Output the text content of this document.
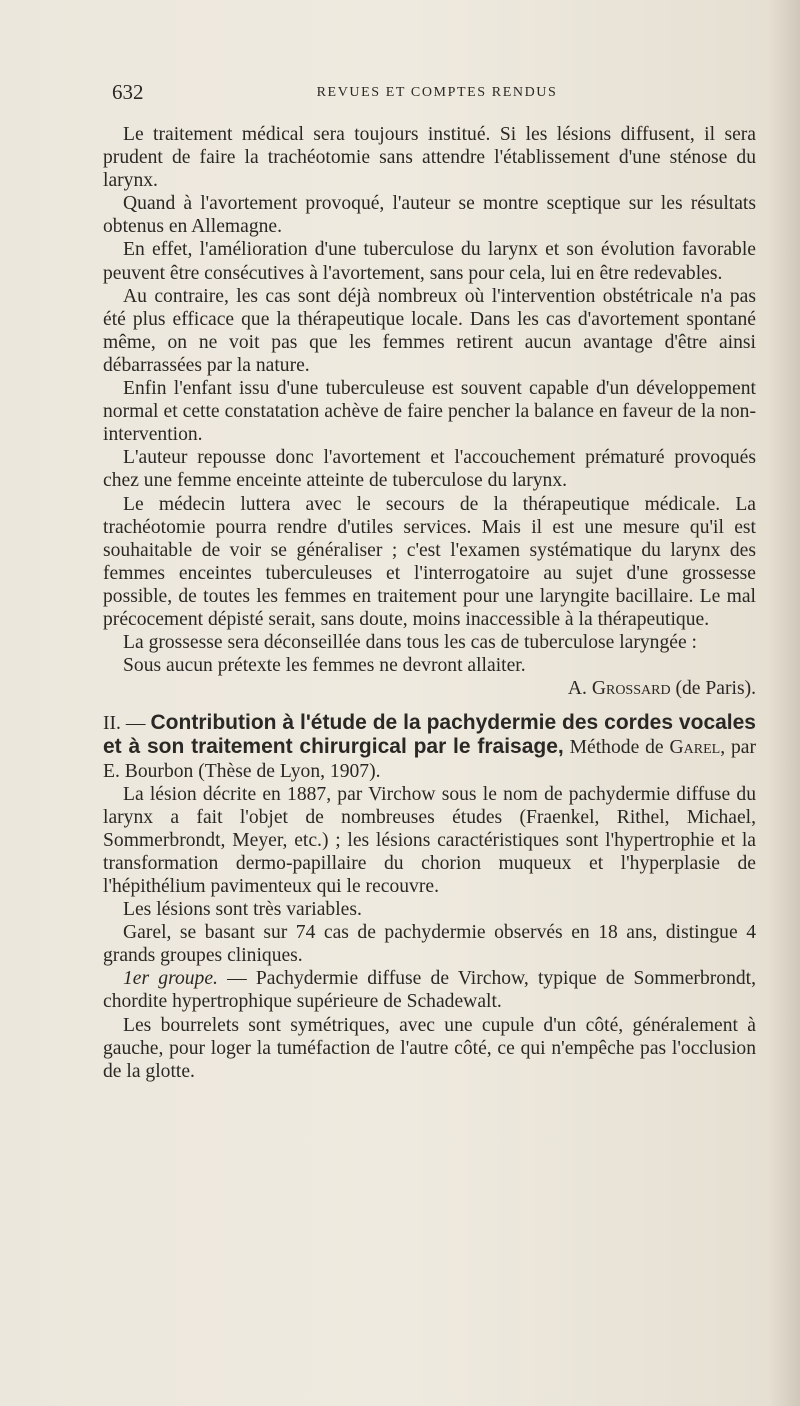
632	REVUES ET COMPTES RENDUS

Le traitement médical sera toujours institué. Si les lésions diffusent, il sera prudent de faire la trachéotomie sans attendre l'établissement d'une sténose du larynx.

Quand à l'avortement provoqué, l'auteur se montre sceptique sur les résultats obtenus en Allemagne.

En effet, l'amélioration d'une tuberculose du larynx et son évolution favorable peuvent être consécutives à l'avortement, sans pour cela, lui en être redevables.

Au contraire, les cas sont déjà nombreux où l'intervention obstétricale n'a pas été plus efficace que la thérapeutique locale. Dans les cas d'avortement spontané même, on ne voit pas que les femmes retirent aucun avantage d'être ainsi débarrassées par la nature.

Enfin l'enfant issu d'une tuberculeuse est souvent capable d'un développement normal et cette constatation achève de faire pencher la balance en faveur de la non-intervention.

L'auteur repousse donc l'avortement et l'accouchement prématuré provoqués chez une femme enceinte atteinte de tuberculose du larynx.

Le médecin luttera avec le secours de la thérapeutique médicale. La trachéotomie pourra rendre d'utiles services. Mais il est une mesure qu'il est souhaitable de voir se généraliser ; c'est l'examen systématique du larynx des femmes enceintes tuberculeuses et l'interrogatoire au sujet d'une grossesse possible, de toutes les femmes en traitement pour une laryngite bacillaire. Le mal précocement dépisté serait, sans doute, moins inaccessible à la thérapeutique.

La grossesse sera déconseillée dans tous les cas de tuberculose laryngée :

Sous aucun prétexte les femmes ne devront allaiter.

A. Grossard (de Paris).

II. — Contribution à l'étude de la pachydermie des cordes vocales et à son traitement chirurgical par le fraisage, Méthode de Garel, par E. Bourbon (Thèse de Lyon, 1907).

La lésion décrite en 1887, par Virchow sous le nom de pachydermie diffuse du larynx a fait l'objet de nombreuses études (Fraenkel, Rithel, Michael, Sommerbrondt, Meyer, etc.) ; les lésions caractéristiques sont l'hypertrophie et la transformation dermo-papillaire du chorion muqueux et l'hyperplasie de l'hépithélium pavimenteux qui le recouvre.

Les lésions sont très variables.

Garel, se basant sur 74 cas de pachydermie observés en 18 ans, distingue 4 grands groupes cliniques.

1er groupe. — Pachydermie diffuse de Virchow, typique de Sommerbrondt, chordite hypertrophique supérieure de Schadewalt.

Les bourrelets sont symétriques, avec une cupule d'un côté, généralement à gauche, pour loger la tuméfaction de l'autre côté, ce qui n'empêche pas l'occlusion de la glotte.
